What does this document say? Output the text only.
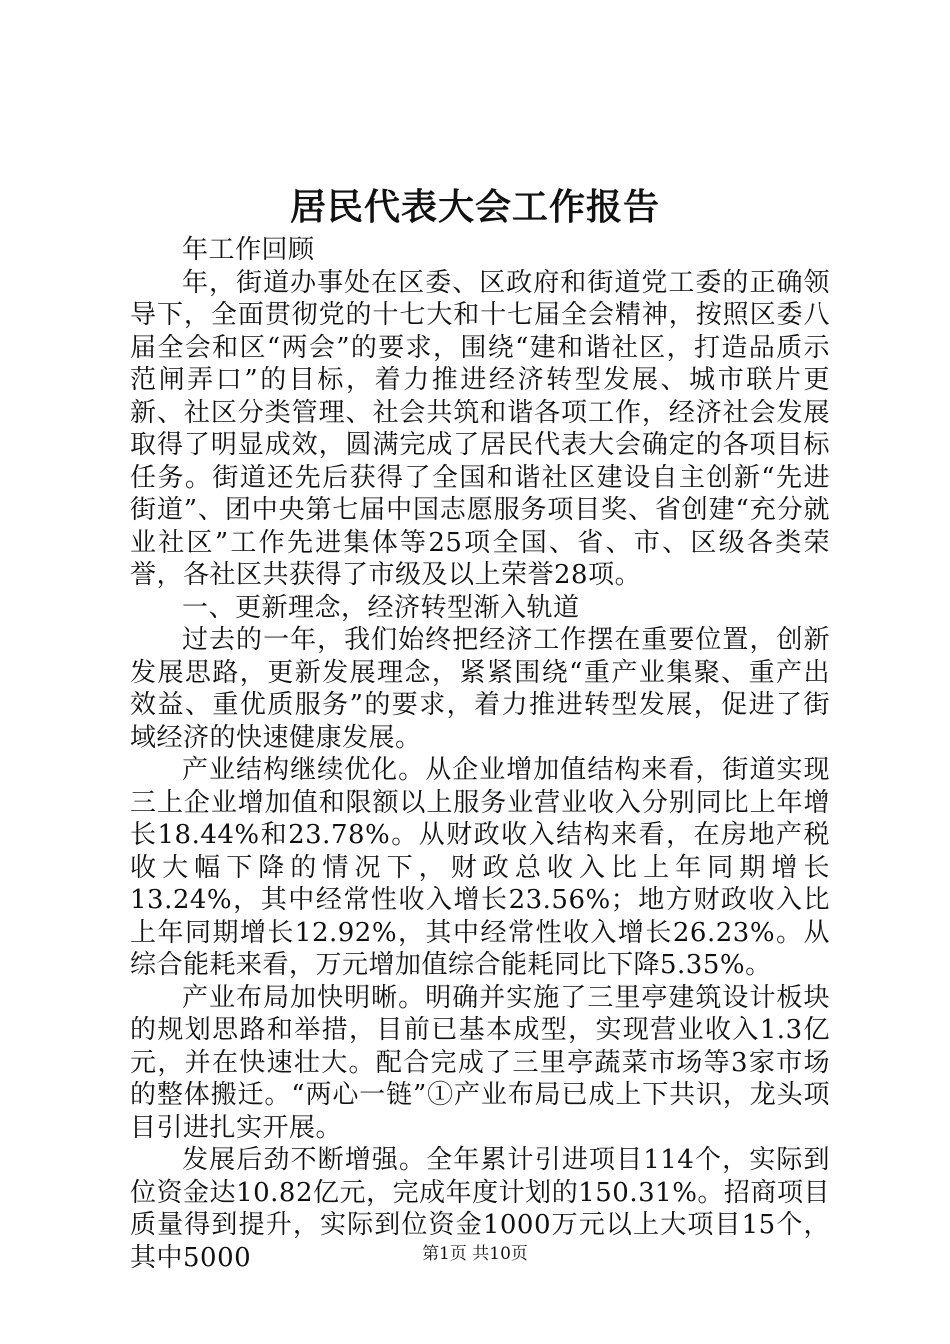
居民代表大会工作报告

年工作回顾

年，街道办事处在区委、区政府和街道党工委的正确领导下，全面贯彻党的十七大和十七届全会精神，按照区委八届全会和区“两会”的要求，围绕“建和谐社区，打造品质示范闸弄口”的目标，着力推进经济转型发展、城市联片更新、社区分类管理、社会共筑和谐各项工作，经济社会发展取得了明显成效，圆满完成了居民代表大会确定的各项目标任务。街道还先后获得了全国和谐社区建设自主创新“先进街道”、团中央第七届中国志愿服务项目奖、省创建“充分就业社区”工作先进集体等25项全国、省、市、区级各类荣誉，各社区共获得了市级及以上荣誉28项。

一、更新理念，经济转型渐入轨道

过去的一年，我们始终把经济工作摆在重要位置，创新发展思路，更新发展理念，紧紧围绕“重产业集聚、重产出效益、重优质服务”的要求，着力推进转型发展，促进了街域经济的快速健康发展。

产业结构继续优化。从企业增加值结构来看，街道实现三上企业增加值和限额以上服务业营业收入分别同比上年增长18.44%和23.78%。从财政收入结构来看，在房地产税收大幅下降的情况下，财政总收入比上年同期增长13.24%，其中经常性收入增长23.56%；地方财政收入比上年同期增长12.92%，其中经常性收入增长26.23%。从综合能耗来看，万元增加值综合能耗同比下降5.35%。

产业布局加快明晰。明确并实施了三里亭建筑设计板块的规划思路和举措，目前已基本成型，实现营业收入1.3亿元，并在快速壮大。配合完成了三里亭蔬菜市场等3家市场的整体搬迁。“两心一链”①产业布局已成上下共识，龙头项目引进扎实开展。

发展后劲不断增强。全年累计引进项目114个，实际到位资金达10.82亿元，完成年度计划的150.31%。招商项目质量得到提升，实际到位资金1000万元以上大项目15个，其中5000	第1页 共10页
